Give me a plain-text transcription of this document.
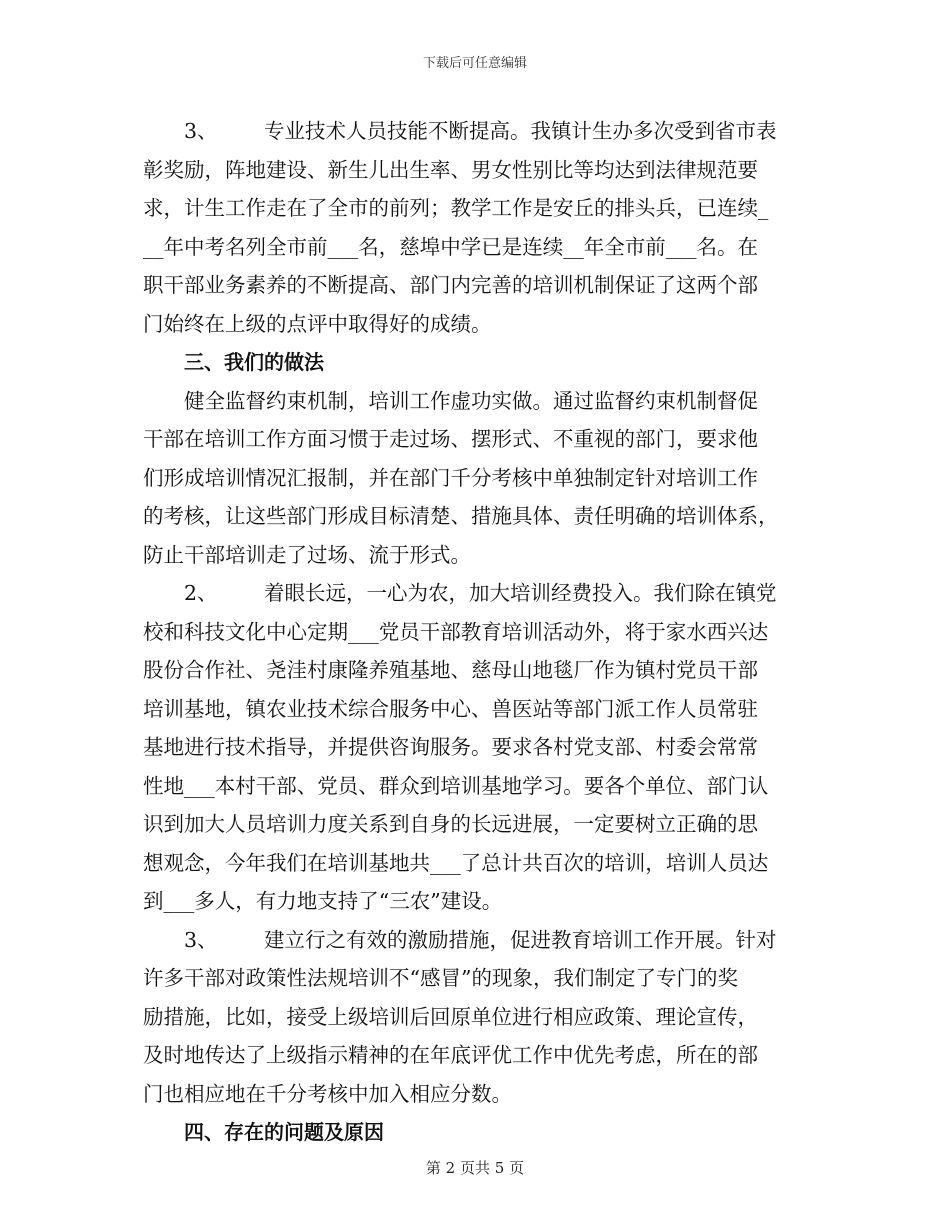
下载后可任意编辑
3、 专业技术人员技能不断提高。我镇计生办多次受到省市表
彰奖励，阵地建设、新生儿出生率、男女性别比等均达到法律规范要
求，计生工作走在了全市的前列；教学工作是安丘的排头兵，已连续_
__年中考名列全市前___名，慈埠中学已是连续__年全市前___名。在
职干部业务素养的不断提高、部门内完善的培训机制保证了这两个部
门始终在上级的点评中取得好的成绩。
三、我们的做法
健全监督约束机制，培训工作虚功实做。通过监督约束机制督促
干部在培训工作方面习惯于走过场、摆形式、不重视的部门，要求他
们形成培训情况汇报制，并在部门千分考核中单独制定针对培训工作
的考核，让这些部门形成目标清楚、措施具体、责任明确的培训体系，
防止干部培训走了过场、流于形式。
2、 着眼长远，一心为农，加大培训经费投入。我们除在镇党
校和科技文化中心定期___党员干部教育培训活动外，将于家水西兴达
股份合作社、尧洼村康隆养殖基地、慈母山地毯厂作为镇村党员干部
培训基地，镇农业技术综合服务中心、兽医站等部门派工作人员常驻
基地进行技术指导，并提供咨询服务。要求各村党支部、村委会常常
性地___本村干部、党员、群众到培训基地学习。要各个单位、部门认
识到加大人员培训力度关系到自身的长远进展，一定要树立正确的思
想观念，今年我们在培训基地共___了总计共百次的培训，培训人员达
到___多人，有力地支持了“三农”建设。
3、 建立行之有效的激励措施，促进教育培训工作开展。针对
许多干部对政策性法规培训不“感冒”的现象，我们制定了专门的奖
励措施，比如，接受上级培训后回原单位进行相应政策、理论宣传，
及时地传达了上级指示精神的在年底评优工作中优先考虑，所在的部
门也相应地在千分考核中加入相应分数。
四、存在的问题及原因
第 2 页共 5 页
